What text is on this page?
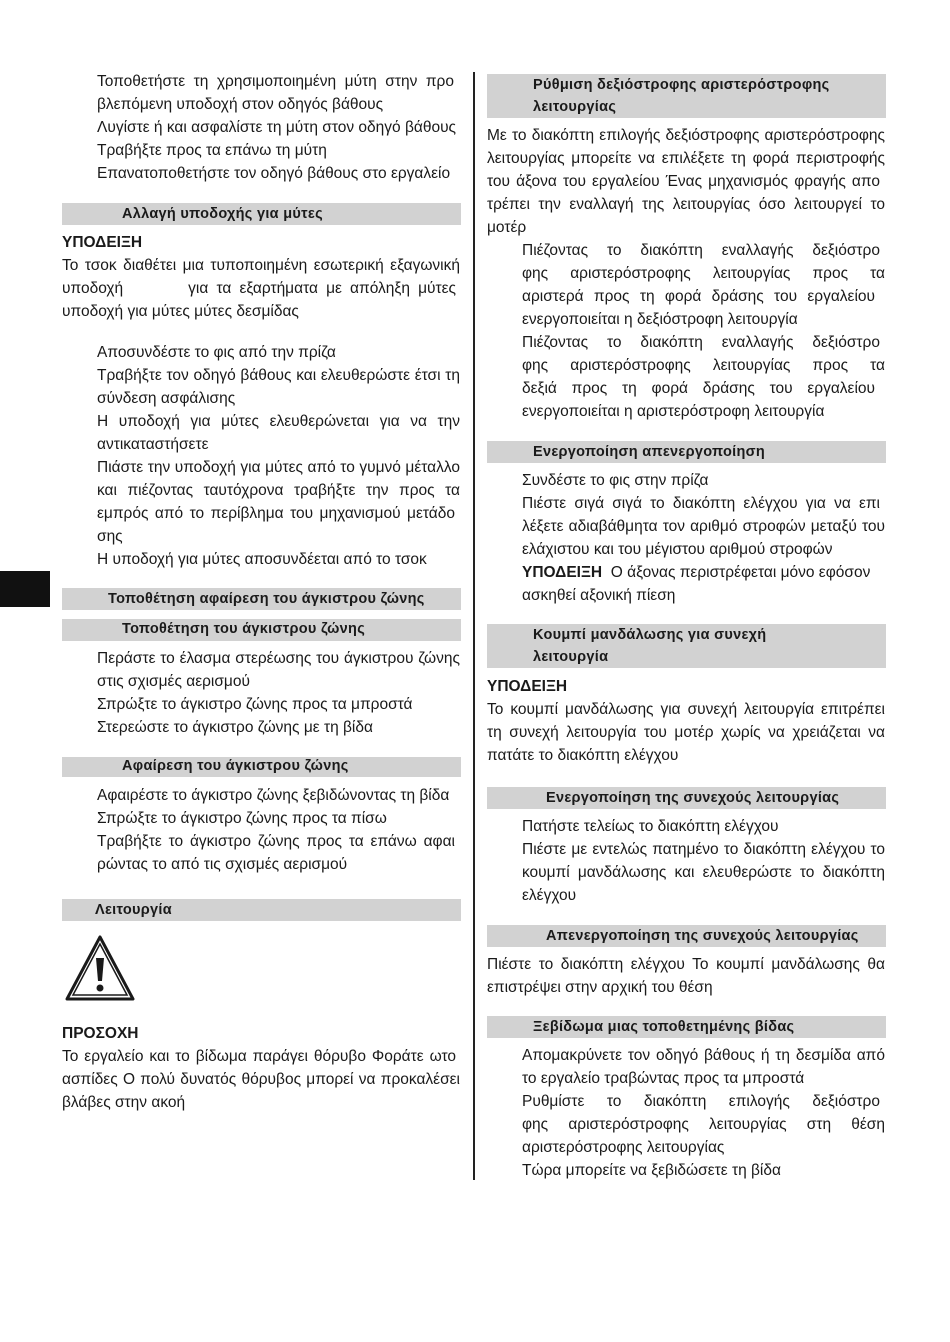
Τοποθετήστε τη χρησιμοποιημένη μύτη στην προ
βλεπόμενη υποδοχή στον οδηγός βάθους
Λυγίστε ή και ασφαλίστε τη μύτη στον οδηγό βάθους
Τραβήξτε προς τα επάνω τη μύτη
Επανατοποθετήστε τον οδηγό βάθους στο εργαλείο
Αλλαγή υποδοχής για μύτες
ΥΠΟΔΕΙΞΗ
Το τσοκ διαθέτει μια τυποποιημένη εσωτερική εξαγωνική
υποδοχή        για τα εξαρτήματα με απόληξη μύτες
υποδοχή για μύτες μύτες δεσμίδας
Αποσυνδέστε το φις από την πρίζα
Τραβήξτε τον οδηγό βάθους και ελευθερώστε έτσι τη
σύνδεση ασφάλισης
Η υποδοχή για μύτες ελευθερώνεται για να την
αντικαταστήσετε
Πιάστε την υποδοχή για μύτες από το γυμνό μέταλλο
και πιέζοντας ταυτόχρονα τραβήξτε την προς τα
εμπρός από το περίβλημα του μηχανισμού μετάδο
σης
Η υποδοχή για μύτες αποσυνδέεται από το τσοκ
Τοποθέτηση αφαίρεση του άγκιστρου ζώνης
Τοποθέτηση του άγκιστρου ζώνης
Περάστε το έλασμα στερέωσης του άγκιστρου ζώνης
στις σχισμές αερισμού
Σπρώξτε το άγκιστρο ζώνης προς τα μπροστά
Στερεώστε το άγκιστρο ζώνης με τη βίδα
Αφαίρεση του άγκιστρου ζώνης
Αφαιρέστε το άγκιστρο ζώνης ξεβιδώνοντας τη βίδα
Σπρώξτε το άγκιστρο ζώνης προς τα πίσω
Τραβήξτε το άγκιστρο ζώνης προς τα επάνω αφαι
ρώντας το από τις σχισμές αερισμού
Λειτουργία
ΠΡΟΣΟΧΗ
Το εργαλείο και το βίδωμα παράγει θόρυβο Φοράτε ωτο
ασπίδες Ο πολύ δυνατός θόρυβος μπορεί να προκαλέσει
βλάβες στην ακοή
Ρύθμιση δεξιόστροφης αριστερόστροφης
λειτουργίας
Με το διακόπτη επιλογής δεξιόστροφης αριστερόστροφης
λειτουργίας μπορείτε να επιλέξετε τη φορά περιστροφής
του άξονα του εργαλείου Ένας μηχανισμός φραγής απο
τρέπει την εναλλαγή της λειτουργίας όσο λειτουργεί το
μοτέρ
Πιέζοντας το διακόπτη εναλλαγής δεξιόστρο
φης αριστερόστροφης λειτουργίας προς τα
αριστερά προς τη φορά δράσης του εργαλείου
ενεργοποιείται η δεξιόστροφη λειτουργία
Πιέζοντας το διακόπτη εναλλαγής δεξιόστρο
φης αριστερόστροφης λειτουργίας προς τα
δεξιά προς τη φορά δράσης του εργαλείου
ενεργοποιείται η αριστερόστροφη λειτουργία
Ενεργοποίηση απενεργοποίηση
Συνδέστε το φις στην πρίζα
Πιέστε σιγά σιγά το διακόπτη ελέγχου για να επι
λέξετε αδιαβάθμητα τον αριθμό στροφών μεταξύ του
ελάχιστου και του μέγιστου αριθμού στροφών
ΥΠΟΔΕΙΞΗ Ο άξονας περιστρέφεται μόνο εφόσον
ασκηθεί αξονική πίεση
Κουμπί μανδάλωσης για συνεχή
λειτουργία
ΥΠΟΔΕΙΞΗ
Το κουμπί μανδάλωσης για συνεχή λειτουργία επιτρέπει
τη συνεχή λειτουργία του μοτέρ χωρίς να χρειάζεται να
πατάτε το διακόπτη ελέγχου
Ενεργοποίηση της συνεχούς λειτουργίας
Πατήστε τελείως το διακόπτη ελέγχου
Πιέστε με εντελώς πατημένο το διακόπτη ελέγχου το
κουμπί μανδάλωσης και ελευθερώστε το διακόπτη
ελέγχου
Απενεργοποίηση της συνεχούς λειτουργίας
Πιέστε το διακόπτη ελέγχου Το κουμπί μανδάλωσης θα
επιστρέψει στην αρχική του θέση
Ξεβίδωμα μιας τοποθετημένης βίδας
Απομακρύνετε τον οδηγό βάθους ή τη δεσμίδα από
το εργαλείο τραβώντας προς τα μπροστά
Ρυθμίστε το διακόπτη επιλογής δεξιόστρο
φης αριστερόστροφης λειτουργίας στη θέση
αριστερόστροφης λειτουργίας
Τώρα μπορείτε να ξεβιδώσετε τη βίδα
